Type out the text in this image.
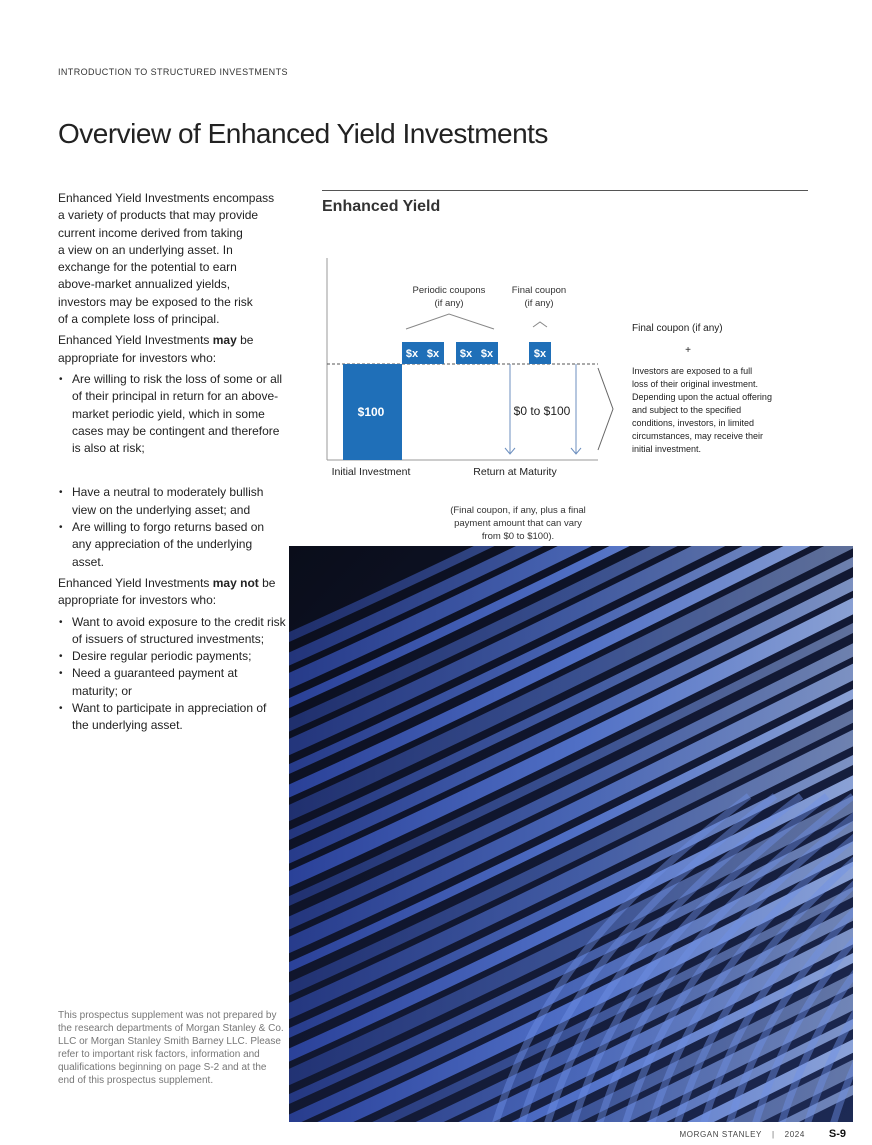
INTRODUCTION TO STRUCTURED INVESTMENTS
Overview of Enhanced Yield Investments

Enhanced Yield Investments encompass
a variety of products that may provide
current income derived from taking
a view on an underlying asset. In
exchange for the potential to earn
above-market annualized yields,
investors may be exposed to the risk
of a complete loss of principal.

Enhanced Yield Investments may be appropriate for investors who:

• Are willing to risk the loss of some or all of their principal in return for an above-market periodic yield, which in some cases may be contingent and therefore is also at risk;
• Have a neutral to moderately bullish view on the underlying asset; and
• Are willing to forgo returns based on any appreciation of the underlying asset.

Enhanced Yield Investments may not be appropriate for investors who:

• Want to avoid exposure to the credit risk of issuers of structured investments;
• Desire regular periodic payments;
• Need a guaranteed payment at maturity; or
• Want to participate in appreciation of the underlying asset.
This prospectus supplement was not prepared by the research departments of Morgan Stanley & Co. LLC or Morgan Stanley Smith Barney LLC. Please refer to important risk factors, information and qualifications beginning on page S-2 and at the end of this prospectus supplement.
Enhanced Yield
$100
$x $x $x $x	$x
Periodic coupons
(if any)
Final coupon
(if any)
$0 to $100
Initial Investment	Return at Maturity
(Final coupon, if any, plus a final
payment amount that can vary
from $0 to $100).
Final coupon (if any)
+
Investors are exposed to a full
loss of their original investment.
Depending upon the actual offering
and subject to the specified
conditions, investors, in limited
circumstances, may receive their
initial investment.
MORGAN STANLEY | 2024 S-9
